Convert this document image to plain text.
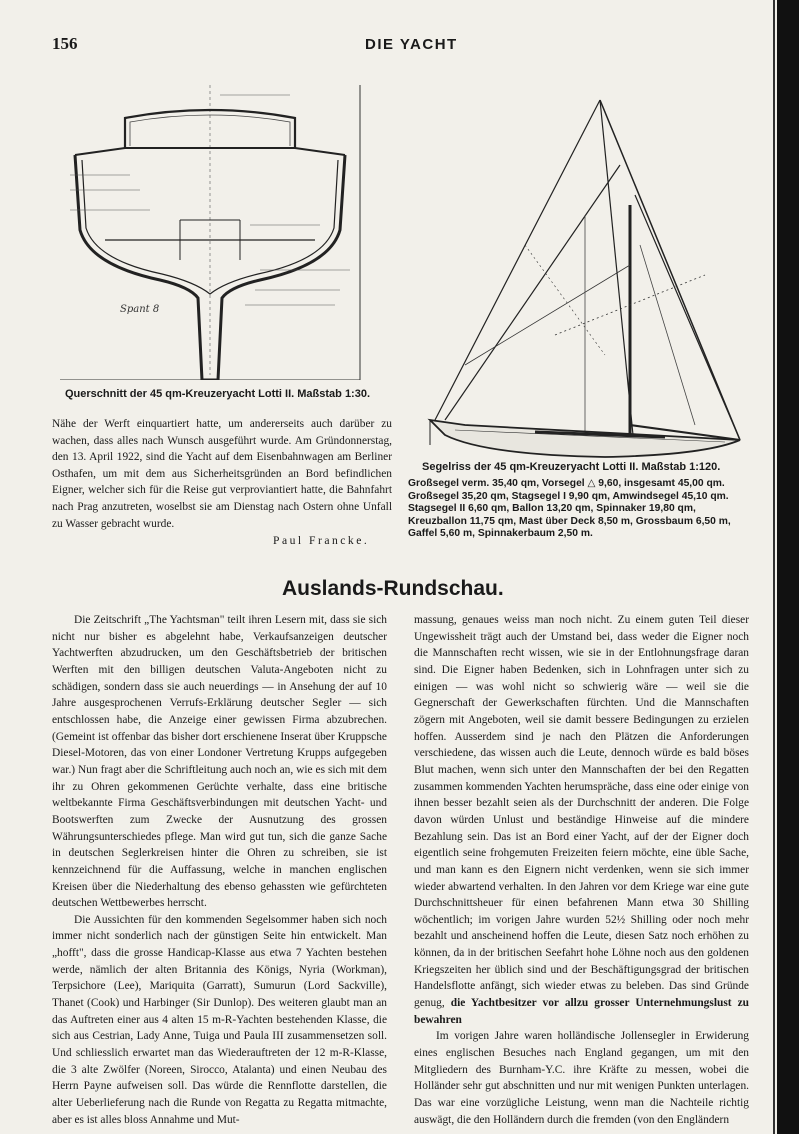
156	DIE YACHT
Spant 8
Querschnitt der 45 qm-Kreuzeryacht Lotti II. Maßstab 1:30.
Segelriss der 45 qm-Kreuzeryacht Lotti II. Maßstab 1:120.
Großsegel verm. 35,40 qm, Vorsegel △ 9,60, insgesamt 45,00 qm.
Großsegel 35,20 qm, Stagsegel I 9,90 qm, Amwindsegel 45,10 qm.
Stagsegel II 6,60 qm, Ballon 13,20 qm, Spinnaker 19,80 qm,
Kreuzballon 11,75 qm, Mast über Deck 8,50 m, Grossbaum 6,50 m,
Gaffel 5,60 m, Spinnakerbaum 2,50 m.

Nähe der Werft einquartiert hatte, um andererseits auch darüber zu wachen, dass alles nach Wunsch ausgeführt wurde. Am Gründonnerstag, den 13. April 1922, sind die Yacht auf dem Eisenbahnwagen am Berliner Osthafen, um mit dem aus Sicherheitsgründen an Bord befindlichen Eigner, welcher sich für die Reise gut verproviantiert hatte, die Bahnfahrt nach Prag anzutreten, woselbst sie am Dienstag nach Ostern ohne Unfall zu Wasser gebracht wurde.

Paul Francke.
Auslands-Rundschau.

Die Zeitschrift „The Yachtsman" teilt ihren Lesern mit, dass sie sich nicht nur bisher es abgelehnt habe, Verkaufsanzeigen deutscher Yachtwerften abzudrucken, um den Geschäftsbetrieb der britischen Werften mit den billigen deutschen Valuta-Angeboten nicht zu schädigen, sondern dass sie auch neuerdings — in Ansehung der auf 10 Jahre ausgesprochenen Verrufs-Erklärung deutscher Segler — sich entschlossen habe, die Anzeige einer gewissen Firma abzubrechen. (Gemeint ist offenbar das bisher dort erschienene Inserat über Kruppsche Diesel-Motoren, das von einer Londoner Vertretung Krupps aufgegeben war.) Nun fragt aber die Schriftleitung auch noch an, wie es sich mit dem ihr zu Ohren gekommenen Gerüchte verhalte, dass eine britische weltbekannte Firma Geschäftsverbindungen mit deutschen Yacht- und Bootswerften zum Zwecke der Ausnutzung des grossen Währungsunterschiedes pflege. Man wird gut tun, sich die ganze Sache in deutschen Seglerkreisen hinter die Ohren zu schreiben, sie ist kennzeichnend für die Auffassung, welche in manchen englischen Kreisen über die Niederhaltung des ebenso gehassten wie gefürchteten deutschen Wettbewerbes herrscht.

Die Aussichten für den kommenden Segelsommer haben sich noch immer nicht sonderlich nach der günstigen Seite hin entwickelt. Man „hofft", dass die grosse Handicap-Klasse aus etwa 7 Yachten bestehen werde, nämlich der alten Britannia des Königs, Nyria (Workman), Terpsichore (Lee), Mariquita (Garratt), Sumurun (Lord Sackville), Thanet (Cook) und Harbinger (Sir Dunlop). Des weiteren glaubt man an das Auftreten einer aus 4 alten 15 m-R-Yachten bestehenden Klasse, die sich aus Cestrian, Lady Anne, Tuiga und Paula III zusammensetzen soll. Und schliesslich erwartet man das Wiederauftreten der 12 m-R-Klasse, die 3 alte Zwölfer (Noreen, Sirocco, Atalanta) und einen Neubau des Herrn Payne aufweisen soll. Das würde die Rennflotte darstellen, die alter Ueberlieferung nach die Runde von Regatta zu Regatta mitmachte, aber es ist alles bloss Annahme und Mut-

massung, genaues weiss man noch nicht. Zu einem guten Teil dieser Ungewissheit trägt auch der Umstand bei, dass weder die Eigner noch die Mannschaften recht wissen, wie sie in der Entlohnungsfrage daran sind. Die Eigner haben Bedenken, sich in Lohnfragen unter sich zu einigen — was wohl nicht so schwierig wäre — weil sie die Gegnerschaft der Gewerkschaften fürchten. Und die Mannschaften zögern mit Angeboten, weil sie damit bessere Bedingungen zu erzielen hoffen. Ausserdem sind je nach den Plätzen die Anforderungen verschiedene, das wissen auch die Leute, dennoch würde es bald böses Blut machen, wenn sich unter den Mannschaften der bei den Regatten zusammen kommenden Yachten herumspräche, dass eine oder einige von ihnen besser bezahlt seien als der Durchschnitt der anderen. Die Folge davon würden Unlust und beständige Hinweise auf die mindere Bezahlung sein. Das ist an Bord einer Yacht, auf der der Eigner doch eigentlich seine frohgemuten Freizeiten feiern möchte, eine üble Sache, und man kann es den Eignern nicht verdenken, wenn sie sich immer wieder abwartend verhalten. In den Jahren vor dem Kriege war eine gute Durchschnittsheuer für einen befahrenen Mann etwa 30 Shilling wöchentlich; im vorigen Jahre wurden 52½ Shilling oder noch mehr bezahlt und anscheinend hoffen die Leute, diesen Satz noch erhöhen zu können, da in der britischen Seefahrt hohe Löhne noch aus den goldenen Kriegszeiten her üblich sind und der Beschäftigungsgrad der britischen Handelsflotte anfängt, sich wieder etwas zu beleben. Das sind Gründe genug, die Yachtbesitzer vor allzu grosser Unternehmungslust zu bewahren

Im vorigen Jahre waren holländische Jollensegler in Erwiderung eines englischen Besuches nach England gegangen, um mit den Mitgliedern des Burnham-Y.C. ihre Kräfte zu messen, wobei die Holländer sehr gut abschnitten und nur mit wenigen Punkten unterlagen. Das war eine vorzügliche Leistung, wenn man die Nachteile richtig auswägt, die den Holländern durch die fremden (von den Engländern
